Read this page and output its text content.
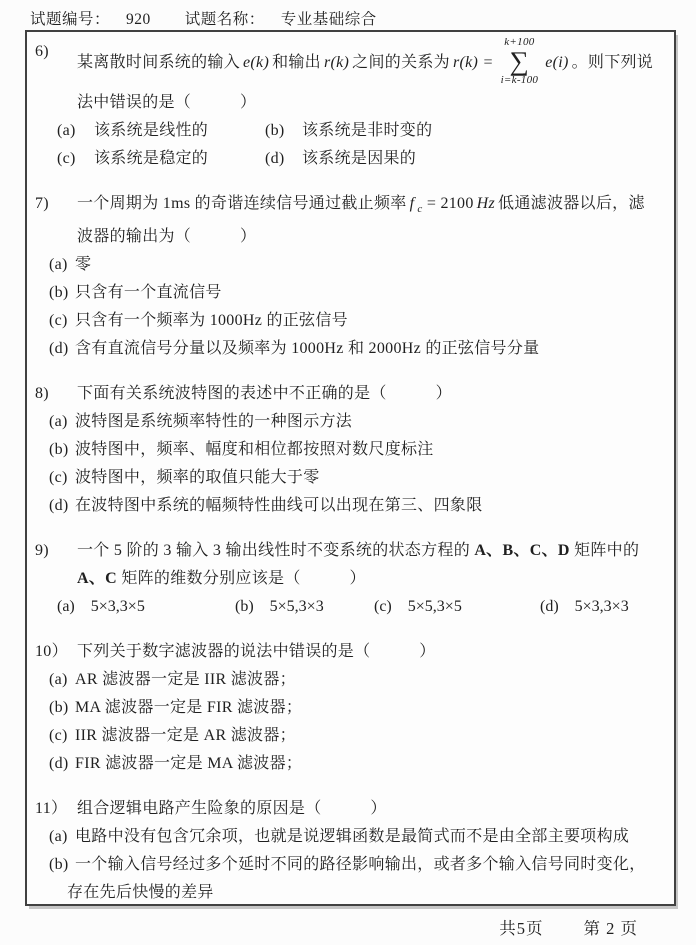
试题编号： 920 试题名称： 专业基础综合
6)
某离散时间系统的输入 e(k) 和输出 r(k) 之间的关系为 r(k) =
k+100
∑
i=k-100
e(i) 。则下列说法中错误的是（　　　）
(a) 该系统是线性的	(b) 该系统是非时变的
(c) 该系统是稳定的	(d) 该系统是因果的
7) 一个周期为 1ms 的奇谐连续信号通过截止频率 f $_c$ = 2100 Hz 低通滤波器以后，滤波器的输出为（　　　）
(a) 零
(b) 只含有一个直流信号
(c) 只含有一个频率为 1000Hz 的正弦信号
(d) 含有直流信号分量以及频率为 1000Hz 和 2000Hz 的正弦信号分量
8) 下面有关系统波特图的表述中不正确的是（　　　）
(a) 波特图是系统频率特性的一种图示方法
(b) 波特图中，频率、幅度和相位都按照对数尺度标注
(c) 波特图中，频率的取值只能大于零
(d) 在波特图中系统的幅频特性曲线可以出现在第三、四象限
9) 一个 5 阶的 3 输入 3 输出线性时不变系统的状态方程的 A、B、C、D 矩阵中的 A、C 矩阵的维数分别应该是（　　　）
(a) 5×3,3×5	(b) 5×5,3×3	(c) 5×5,3×5	(d) 5×3,3×3
10） 下列关于数字滤波器的说法中错误的是（　　　）
(a) AR 滤波器一定是 IIR 滤波器；
(b) MA 滤波器一定是 FIR 滤波器；
(c) IIR 滤波器一定是 AR 滤波器；
(d) FIR 滤波器一定是 MA 滤波器；
11） 组合逻辑电路产生险象的原因是（　　　）
(a) 电路中没有包含冗余项，也就是说逻辑函数是最简式而不是由全部主要项构成
(b) 一个输入信号经过多个延时不同的路径影响输出，或者多个输入信号同时变化，
存在先后快慢的差异
共5页 第 2 页
